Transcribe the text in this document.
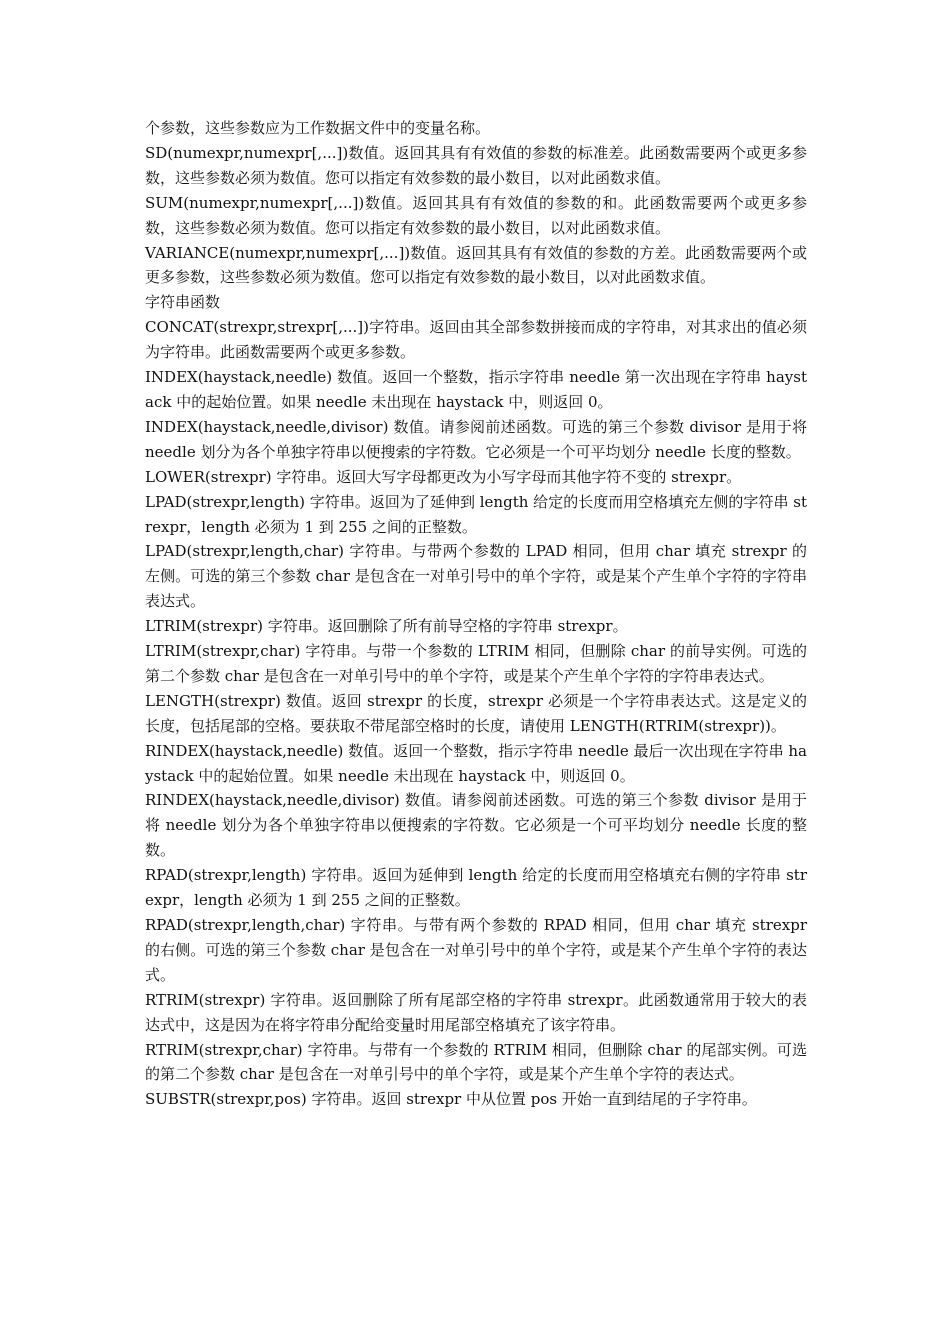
个参数，这些参数应为工作数据文件中的变量名称。

SD(numexpr,numexpr[,...])数值。返回其具有有效值的参数的标准差。此函数需要两个或更多参数，这些参数必须为数值。您可以指定有效参数的最小数目，以对此函数求值。

SUM(numexpr,numexpr[,...])数值。返回其具有有效值的参数的和。此函数需要两个或更多参数，这些参数必须为数值。您可以指定有效参数的最小数目，以对此函数求值。

VARIANCE(numexpr,numexpr[,...])数值。返回其具有有效值的参数的方差。此函数需要两个或更多参数，这些参数必须为数值。您可以指定有效参数的最小数目，以对此函数求值。

字符串函数

CONCAT(strexpr,strexpr[,...])字符串。返回由其全部参数拼接而成的字符串，对其求出的值必须为字符串。此函数需要两个或更多参数。

INDEX(haystack,needle) 数值。返回一个整数，指示字符串 needle 第一次出现在字符串 haystack 中的起始位置。如果 needle 未出现在 haystack 中，则返回 0。

INDEX(haystack,needle,divisor) 数值。请参阅前述函数。可选的第三个参数 divisor 是用于将 needle 划分为各个单独字符串以便搜索的字符数。它必须是一个可平均划分 needle 长度的整数。

LOWER(strexpr) 字符串。返回大写字母都更改为小写字母而其他字符不变的 strexpr。

LPAD(strexpr,length) 字符串。返回为了延伸到 length 给定的长度而用空格填充左侧的字符串 strexpr，length 必须为 1 到 255 之间的正整数。

LPAD(strexpr,length,char) 字符串。与带两个参数的 LPAD 相同，但用 char 填充 strexpr 的左侧。可选的第三个参数 char 是包含在一对单引号中的单个字符，或是某个产生单个字符的字符串表达式。

LTRIM(strexpr) 字符串。返回删除了所有前导空格的字符串 strexpr。

LTRIM(strexpr,char) 字符串。与带一个参数的 LTRIM 相同，但删除 char 的前导实例。可选的第二个参数 char 是包含在一对单引号中的单个字符，或是某个产生单个字符的字符串表达式。

LENGTH(strexpr) 数值。返回 strexpr 的长度，strexpr 必须是一个字符串表达式。这是定义的长度，包括尾部的空格。要获取不带尾部空格时的长度，请使用 LENGTH(RTRIM(strexpr))。

RINDEX(haystack,needle) 数值。返回一个整数，指示字符串 needle 最后一次出现在字符串 haystack 中的起始位置。如果 needle 未出现在 haystack 中，则返回 0。

RINDEX(haystack,needle,divisor) 数值。请参阅前述函数。可选的第三个参数 divisor 是用于将 needle 划分为各个单独字符串以便搜索的字符数。它必须是一个可平均划分 needle 长度的整数。

RPAD(strexpr,length) 字符串。返回为延伸到 length 给定的长度而用空格填充右侧的字符串 strexpr，length 必须为 1 到 255 之间的正整数。

RPAD(strexpr,length,char) 字符串。与带有两个参数的 RPAD 相同，但用 char 填充 strexpr 的右侧。可选的第三个参数 char 是包含在一对单引号中的单个字符，或是某个产生单个字符的表达式。

RTRIM(strexpr) 字符串。返回删除了所有尾部空格的字符串 strexpr。此函数通常用于较大的表达式中，这是因为在将字符串分配给变量时用尾部空格填充了该字符串。

RTRIM(strexpr,char) 字符串。与带有一个参数的 RTRIM 相同，但删除 char 的尾部实例。可选的第二个参数 char 是包含在一对单引号中的单个字符，或是某个产生单个字符的表达式。

SUBSTR(strexpr,pos) 字符串。返回 strexpr 中从位置 pos 开始一直到结尾的子字符串。
